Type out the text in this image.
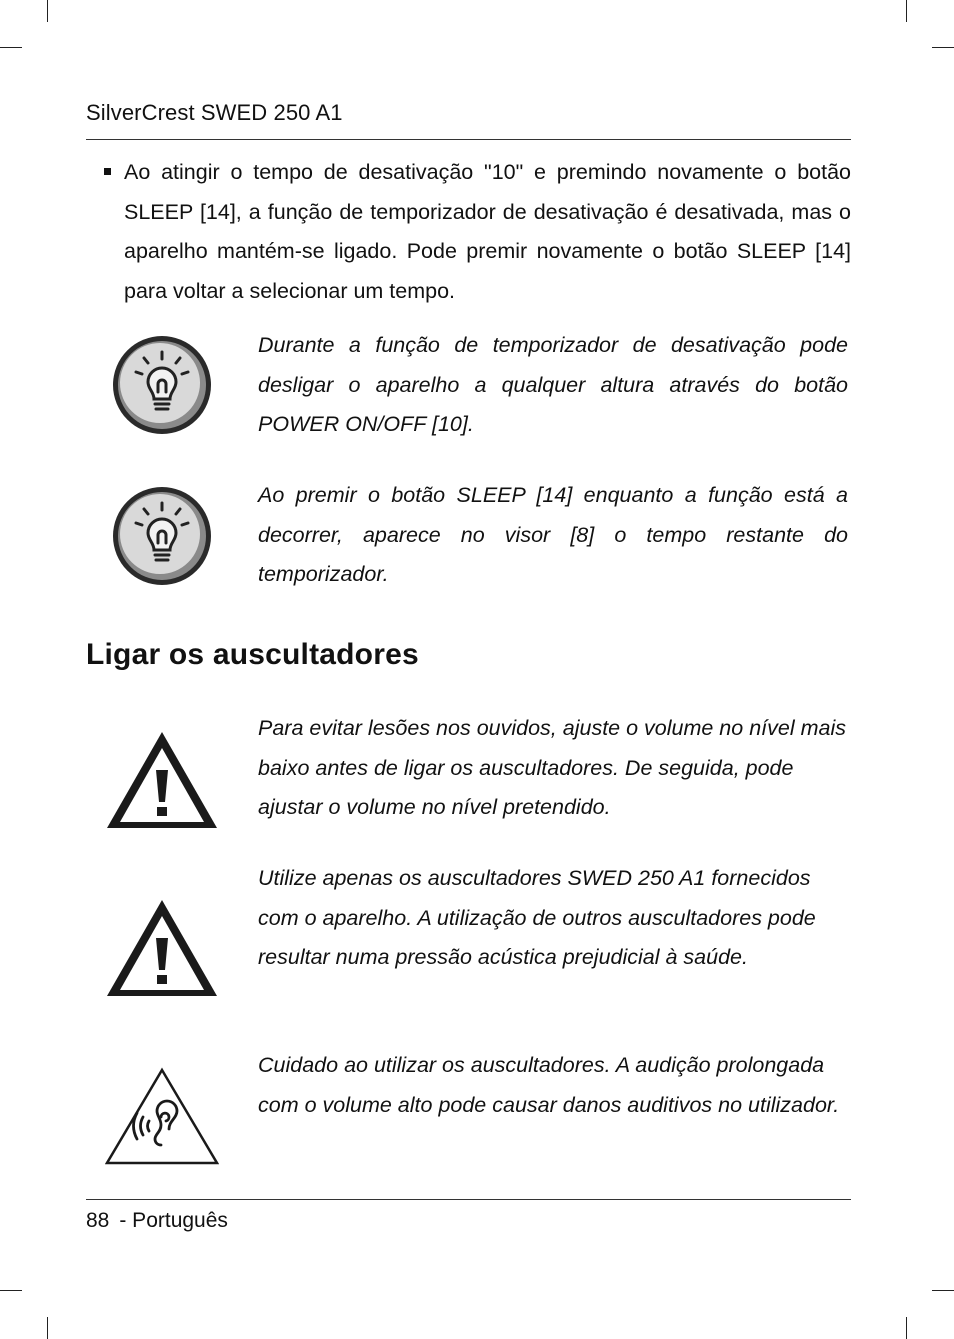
SilverCrest SWED 250 A1
Ao atingir o tempo de desativação "10" e premindo novamente o botão SLEEP [14], a função de temporizador de desativação é desativada, mas o aparelho mantém-se ligado. Pode premir novamente o botão SLEEP [14] para voltar a selecionar um tempo.
Durante a função de temporizador de desativação pode desligar o aparelho a qualquer altura através do botão POWER ON/OFF [10].
Ao premir o botão SLEEP [14] enquanto a função está a decorrer, aparece no visor [8] o tempo restante do temporizador.
Ligar os auscultadores
Para evitar lesões nos ouvidos, ajuste o volume no nível mais baixo antes de ligar os auscultadores. De seguida, pode ajustar o volume no nível pretendido.
Utilize apenas os auscultadores SWED 250 A1 fornecidos com o aparelho. A utilização de outros auscultadores pode resultar numa pressão acústica prejudicial à saúde.
Cuidado ao utilizar os auscultadores. A audição prolongada com o volume alto pode causar danos auditivos no utilizador.
88 - Português
